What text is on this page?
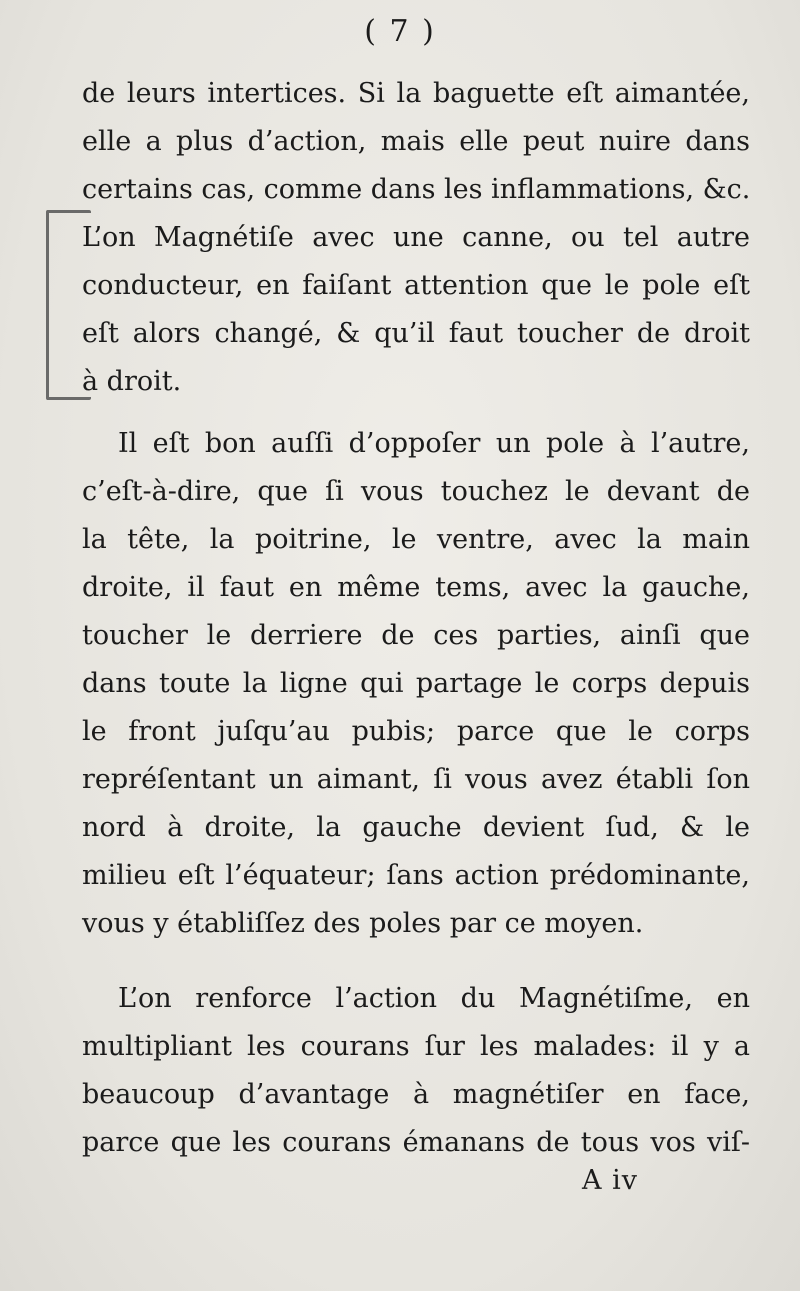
( 7 )
de leurs intertices. Si la baguette eſt aimantée,
elle a plus d’action, mais elle peut nuire dans
certains cas, comme dans les inflammations, &c.
L’on Magnétiſe avec une canne, ou tel autre
conducteur, en faiſant attention que le pole eſt
eſt alors changé, & qu’il faut toucher de droit
à droit.
Il eſt bon auſſi d’oppoſer un pole à l’autre,
c’eſt-à-dire, que ſi vous touchez le devant de
la tête, la poitrine, le ventre, avec la main
droite, il faut en même tems, avec la gauche,
toucher le derriere de ces parties, ainſi que
dans toute la ligne qui partage le corps depuis
le front juſqu’au pubis; parce que le corps
repréſentant un aimant, ſi vous avez établi ſon
nord à droite, la gauche devient ſud, & le
milieu eſt l’équateur; ſans action prédominante,
vous y établiſſez des poles par ce moyen.
L’on renforce l’action du Magnétiſme, en
multipliant les courans ſur les malades: il y a
beaucoup d’avantage à magnétiſer en face,
parce que les courans émanans de tous vos viſ-
A iv
